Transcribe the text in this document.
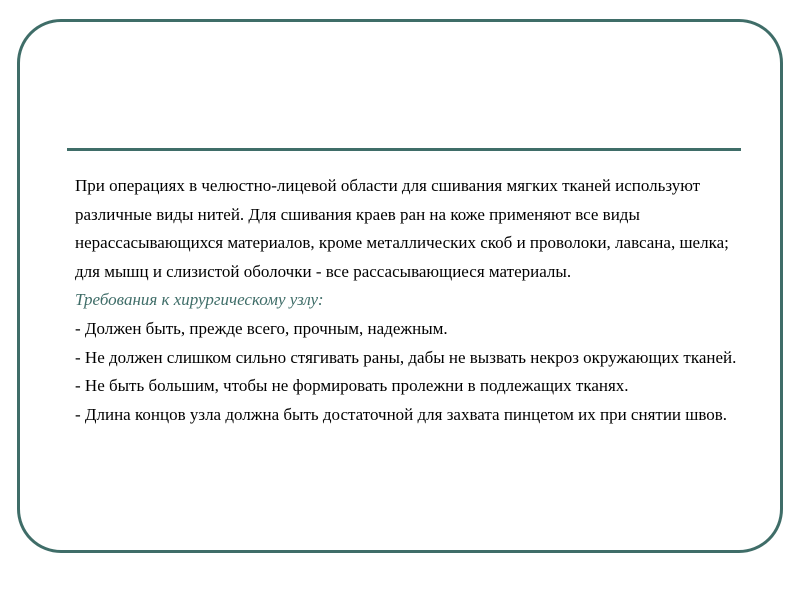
При операциях в челюстно-лицевой области для сшивания мягких тканей используют различные виды нитей. Для сшивания краев ран на коже применяют все виды нерассасывающихся материалов, кроме металлических скоб и проволоки, лавсана, шелка; для мышц и слизистой оболочки - все рассасывающиеся материалы.

Требования к хирургическому узлу:

- Должен быть, прежде всего, прочным, надежным.

- Не должен слишком сильно стягивать раны, дабы не вызвать некроз окружающих тканей.

- Не быть большим, чтобы не формировать пролежни в подлежащих тканях.

- Длина концов узла должна быть достаточной для захвата пинцетом их при снятии швов.
